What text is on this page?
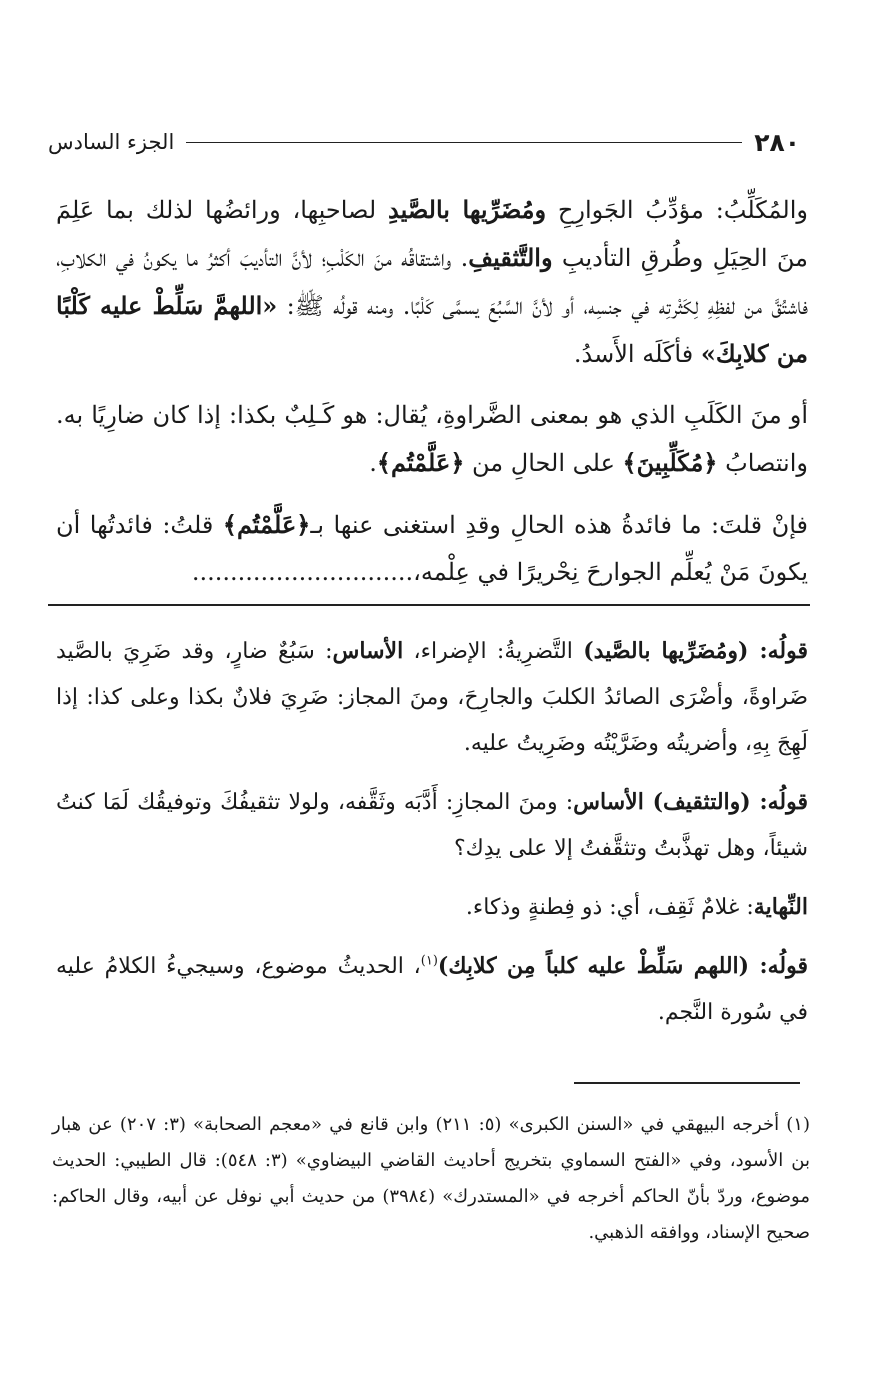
٢٨٠
الجزء السادس

والمُكَلِّبُ: مؤدِّبُ الجَوارِحِ ومُضَرِّيها بالصَّيدِ لصاحبِها، ورائضُها لذلك بما عَلِمَ منَ الحِيَلِ وطُرقِ التأديبِ والتَّثقيفِ. واشتقاقُه منَ الكَلْبِ؛ لأنَّ التأديبَ أكثرُ ما يكونُ في الكلابِ، فاشتُقَّ من لفظِهِ لِكَثْرتِه في جنسِه، أو لأنَّ السَّبُعَ يسمَّى كَلْبًا. ومنه قولُه ﷺ: «اللهمَّ سَلِّطْ عليه كَلْبًا من كلابِكَ» فأكَلَه الأَسدُ.

أو منَ الكَلَبِ الذي هو بمعنى الضَّراوةِ، يُقال: هو كَـلِبٌ بكذا: إذا كان ضارِيًا به. وانتصابُ ﴿مُكَلِّبِينَ﴾ على الحالِ من ﴿عَلَّمْتُم﴾.

فإنْ قلتَ: ما فائدةُ هذه الحالِ وقدِ استغنى عنها بـ﴿عَلَّمْتُم﴾ قلتُ: فائدتُها أن يكونَ مَنْ يُعلِّم الجوارحَ نِحْريرًا في عِلْمه،.............................

قولُه: (ومُضَرِّيها بالصَّيد) التَّضرِيةُ: الإضراء، الأساس: سَبُعٌ ضارٍ، وقد ضَرِيَ بالصَّيد ضَراوةً، وأضْرَى الصائدُ الكلبَ والجارِحَ، ومنَ المجاز: ضَرِيَ فلانٌ بكذا وعلى كذا: إذا لَهِجَ بِهِ، وأضريتُه وضَرَّيْتُه وضَرِيتُ عليه.

قولُه: (والتثقيف) الأساس: ومنَ المجازِ: أَدَّبَه وثَقَّفه، ولولا تثقيفُكَ وتوفيقُك لَمَا كنتُ شيئاً، وهل تهذَّبتُ وتثقَّفتُ إلا على يدِك؟

النِّهاية: غلامٌ ثَقِف، أي: ذو فِطنةٍ وذكاء.

قولُه: (اللهم سَلِّطْ عليه كلباً مِن كلابِك)$^{(١)}$، الحديثُ موضوع، وسيجيءُ الكلامُ عليه في سُورة النَّجم.

(١) أخرجه البيهقي في «السنن الكبرى» (٥: ٢١١) وابن قانع في «معجم الصحابة» (٣: ٢٠٧) عن هبار بن الأسود، وفي «الفتح السماوي بتخريج أحاديث القاضي البيضاوي» (٣: ٥٤٨): قال الطيبي: الحديث موضوع، وردّ بأنّ الحاكم أخرجه في «المستدرك» (٣٩٨٤) من حديث أبي نوفل عن أبيه، وقال الحاكم: صحيح الإسناد، ووافقه الذهبي.
